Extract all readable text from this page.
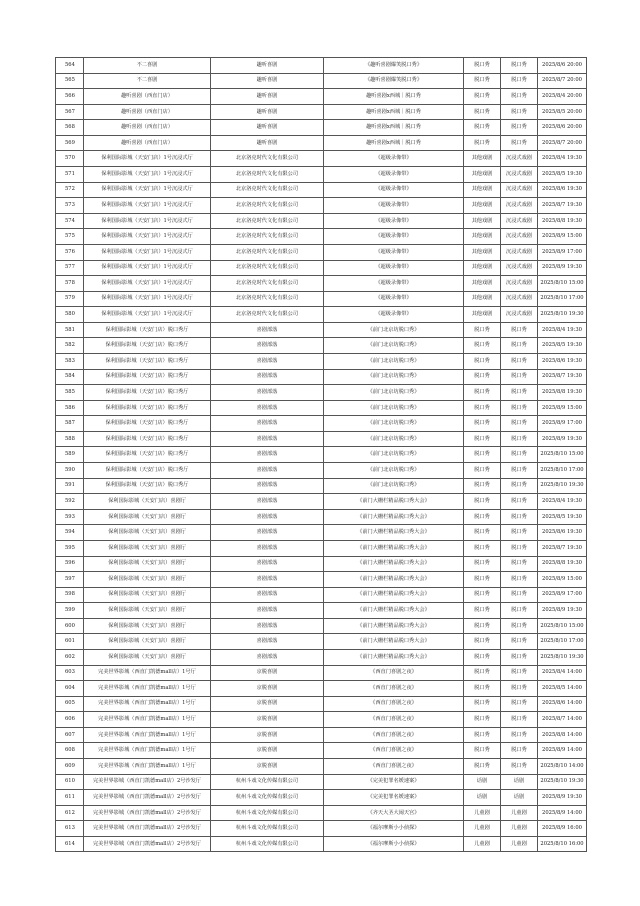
564	不二喜剧	趣听喜剧	《趣听喜剧爆笑脱口秀》	脱口秀	脱口秀	2025/8/6 20:00
565	不二喜剧	趣听喜剧	《趣听喜剧爆笑脱口秀》	脱口秀	脱口秀	2025/8/7 20:00
566	趣听喜剧（西直门店）	趣听喜剧	趣听喜剧x西城｜脱口秀	脱口秀	脱口秀	2025/8/4 20:00
567	趣听喜剧（西直门店）	趣听喜剧	趣听喜剧x西城｜脱口秀	脱口秀	脱口秀	2025/8/5 20:00
568	趣听喜剧（西直门店）	趣听喜剧	趣听喜剧x西城｜脱口秀	脱口秀	脱口秀	2025/8/6 20:00
569	趣听喜剧（西直门店）	趣听喜剧	趣听喜剧x西城｜脱口秀	脱口秀	脱口秀	2025/8/7 20:00
570	保利国际影城（天安门店）1号沉浸式厅	北京洛克时代文化有限公司	《超级录像带》	其他戏剧	沉浸式戏剧	2025/8/4 19:30
571	保利国际影城（天安门店）1号沉浸式厅	北京洛克时代文化有限公司	《超级录像带》	其他戏剧	沉浸式戏剧	2025/8/5 19:30
572	保利国际影城（天安门店）1号沉浸式厅	北京洛克时代文化有限公司	《超级录像带》	其他戏剧	沉浸式戏剧	2025/8/6 19:30
573	保利国际影城（天安门店）1号沉浸式厅	北京洛克时代文化有限公司	《超级录像带》	其他戏剧	沉浸式戏剧	2025/8/7 19:30
574	保利国际影城（天安门店）1号沉浸式厅	北京洛克时代文化有限公司	《超级录像带》	其他戏剧	沉浸式戏剧	2025/8/8 19:30
575	保利国际影城（天安门店）1号沉浸式厅	北京洛克时代文化有限公司	《超级录像带》	其他戏剧	沉浸式戏剧	2025/8/9 15:00
576	保利国际影城（天安门店）1号沉浸式厅	北京洛克时代文化有限公司	《超级录像带》	其他戏剧	沉浸式戏剧	2025/8/9 17:00
577	保利国际影城（天安门店）1号沉浸式厅	北京洛克时代文化有限公司	《超级录像带》	其他戏剧	沉浸式戏剧	2025/8/9 19:30
578	保利国际影城（天安门店）1号沉浸式厅	北京洛克时代文化有限公司	《超级录像带》	其他戏剧	沉浸式戏剧	2025/8/10 15:00
579	保利国际影城（天安门店）1号沉浸式厅	北京洛克时代文化有限公司	《超级录像带》	其他戏剧	沉浸式戏剧	2025/8/10 17:00
580	保利国际影城（天安门店）1号沉浸式厅	北京洛克时代文化有限公司	《超级录像带》	其他戏剧	沉浸式戏剧	2025/8/10 19:30
581	保利国际影城（天安门店）脱口秀厅	喜剧部落	《前门北京坊脱口秀》	脱口秀	脱口秀	2025/8/4 19:30
582	保利国际影城（天安门店）脱口秀厅	喜剧部落	《前门北京坊脱口秀》	脱口秀	脱口秀	2025/8/5 19:30
583	保利国际影城（天安门店）脱口秀厅	喜剧部落	《前门北京坊脱口秀》	脱口秀	脱口秀	2025/8/6 19:30
584	保利国际影城（天安门店）脱口秀厅	喜剧部落	《前门北京坊脱口秀》	脱口秀	脱口秀	2025/8/7 19:30
585	保利国际影城（天安门店）脱口秀厅	喜剧部落	《前门北京坊脱口秀》	脱口秀	脱口秀	2025/8/8 19:30
586	保利国际影城（天安门店）脱口秀厅	喜剧部落	《前门北京坊脱口秀》	脱口秀	脱口秀	2025/8/9 15:00
587	保利国际影城（天安门店）脱口秀厅	喜剧部落	《前门北京坊脱口秀》	脱口秀	脱口秀	2025/8/9 17:00
588	保利国际影城（天安门店）脱口秀厅	喜剧部落	《前门北京坊脱口秀》	脱口秀	脱口秀	2025/8/9 19:30
589	保利国际影城（天安门店）脱口秀厅	喜剧部落	《前门北京坊脱口秀》	脱口秀	脱口秀	2025/8/10 15:00
590	保利国际影城（天安门店）脱口秀厅	喜剧部落	《前门北京坊脱口秀》	脱口秀	脱口秀	2025/8/10 17:00
591	保利国际影城（天安门店）脱口秀厅	喜剧部落	《前门北京坊脱口秀》	脱口秀	脱口秀	2025/8/10 19:30
592	保利国际影城（天安门店）喜剧厅	喜剧部落	《前门大栅栏精品脱口秀大会》	脱口秀	脱口秀	2025/8/4 19:30
593	保利国际影城（天安门店）喜剧厅	喜剧部落	《前门大栅栏精品脱口秀大会》	脱口秀	脱口秀	2025/8/5 19:30
594	保利国际影城（天安门店）喜剧厅	喜剧部落	《前门大栅栏精品脱口秀大会》	脱口秀	脱口秀	2025/8/6 19:30
595	保利国际影城（天安门店）喜剧厅	喜剧部落	《前门大栅栏精品脱口秀大会》	脱口秀	脱口秀	2025/8/7 19:30
596	保利国际影城（天安门店）喜剧厅	喜剧部落	《前门大栅栏精品脱口秀大会》	脱口秀	脱口秀	2025/8/8 19:30
597	保利国际影城（天安门店）喜剧厅	喜剧部落	《前门大栅栏精品脱口秀大会》	脱口秀	脱口秀	2025/8/9 15:00
598	保利国际影城（天安门店）喜剧厅	喜剧部落	《前门大栅栏精品脱口秀大会》	脱口秀	脱口秀	2025/8/9 17:00
599	保利国际影城（天安门店）喜剧厅	喜剧部落	《前门大栅栏精品脱口秀大会》	脱口秀	脱口秀	2025/8/9 19:30
600	保利国际影城（天安门店）喜剧厅	喜剧部落	《前门大栅栏精品脱口秀大会》	脱口秀	脱口秀	2025/8/10 15:00
601	保利国际影城（天安门店）喜剧厅	喜剧部落	《前门大栅栏精品脱口秀大会》	脱口秀	脱口秀	2025/8/10 17:00
602	保利国际影城（天安门店）喜剧厅	喜剧部落	《前门大栅栏精品脱口秀大会》	脱口秀	脱口秀	2025/8/10 19:30
603	完美世界影城（西直门凯德mall店）1号厅	京脱喜剧	《西直门喜剧之夜》	脱口秀	脱口秀	2025/8/4 14:00
604	完美世界影城（西直门凯德mall店）1号厅	京脱喜剧	《西直门喜剧之夜》	脱口秀	脱口秀	2025/8/5 14:00
605	完美世界影城（西直门凯德mall店）1号厅	京脱喜剧	《西直门喜剧之夜》	脱口秀	脱口秀	2025/8/6 14:00
606	完美世界影城（西直门凯德mall店）1号厅	京脱喜剧	《西直门喜剧之夜》	脱口秀	脱口秀	2025/8/7 14:00
607	完美世界影城（西直门凯德mall店）1号厅	京脱喜剧	《西直门喜剧之夜》	脱口秀	脱口秀	2025/8/8 14:00
608	完美世界影城（西直门凯德mall店）1号厅	京脱喜剧	《西直门喜剧之夜》	脱口秀	脱口秀	2025/8/9 14:00
609	完美世界影城（西直门凯德mall店）1号厅	京脱喜剧	《西直门喜剧之夜》	脱口秀	脱口秀	2025/8/10 14:00
610	完美世界影城（西直门凯德mall店）2号沙发厅	杭州斗戏文化传媒有限公司	《完美犯罪名媛速案》	话剧	话剧	2025/8/10 19:30
611	完美世界影城（西直门凯德mall店）2号沙发厅	杭州斗戏文化传媒有限公司	《完美犯罪名媛速案》	话剧	话剧	2025/8/9 19:30
612	完美世界影城（西直门凯德mall店）2号沙发厅	杭州斗戏文化传媒有限公司	《齐天大圣大闹天宫》	儿童剧	儿童剧	2025/8/9 14:00
613	完美世界影城（西直门凯德mall店）2号沙发厅	杭州斗戏文化传媒有限公司	《福尔摩斯小小侦探》	儿童剧	儿童剧	2025/8/9 16:00
614	完美世界影城（西直门凯德mall店）2号沙发厅	杭州斗戏文化传媒有限公司	《福尔摩斯小小侦探》	儿童剧	儿童剧	2025/8/10 16:00
